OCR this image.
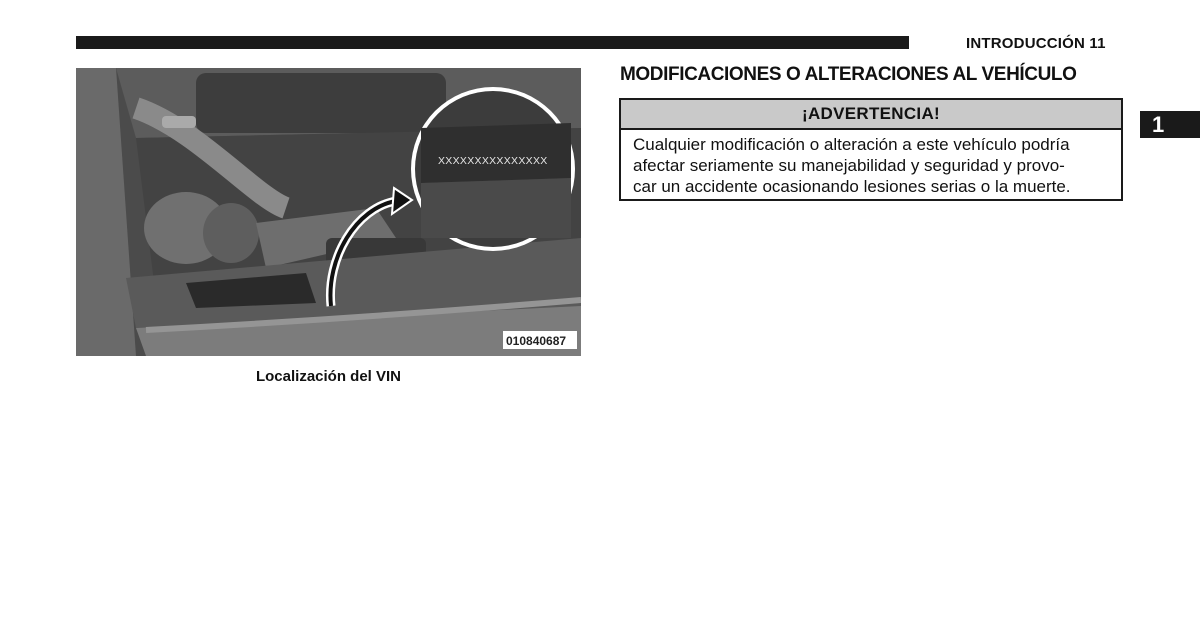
INTRODUCCIÓN 11
1
XXXXXXXXXXXXXXX
010840687
Localización del VIN
MODIFICACIONES O ALTERACIONES AL VEHÍCULO
¡ADVERTENCIA!
Cualquier modificación o alteración a este vehículo podría
afectar seriamente su manejabilidad y seguridad y provo-
car un accidente ocasionando lesiones serias o la muerte.
